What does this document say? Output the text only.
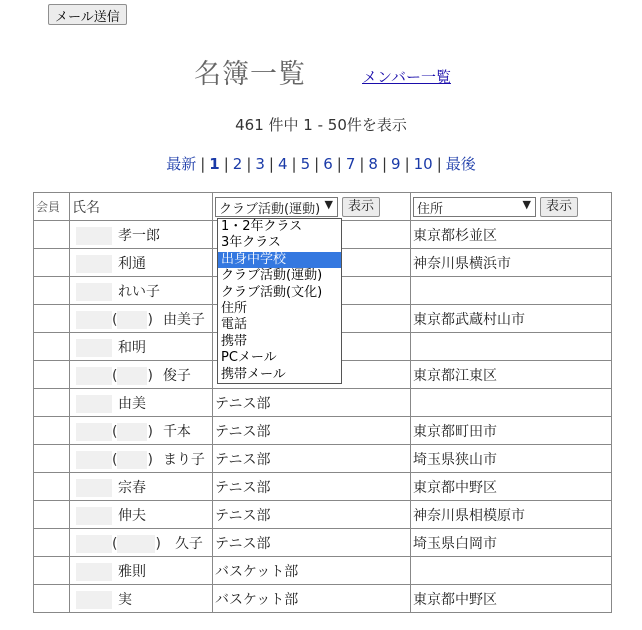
メール送信
名簿一覧	メンバー一覧
461 件中 1 - 50件を表示
最新 | 1 | 2 | 3 | 4 | 5 | 6 | 7 | 8 | 9 | 10 | 最後
会員	氏名	クラブ活動(運動) ▼ 表示	住所 ▼ 表示
	孝一郎		東京都杉並区
	利通		神奈川県横浜市
	れい子		
	( ) 由美子		東京都武蔵村山市
	和明		
	( ) 俊子		東京都江東区
	由美	テニス部	
	( ) 千本	テニス部	東京都町田市
	( ) まり子	テニス部	埼玉県狭山市
	宗春	テニス部	東京都中野区
	伸夫	テニス部	神奈川県相模原市
	( ) 久子	テニス部	埼玉県白岡市
	雅則	バスケット部	
	実	バスケット部	東京都中野区
1・2年クラス
3年クラス
出身中学校
クラブ活動(運動)
クラブ活動(文化)
住所
電話
携帯
PCメール
携帯メール
